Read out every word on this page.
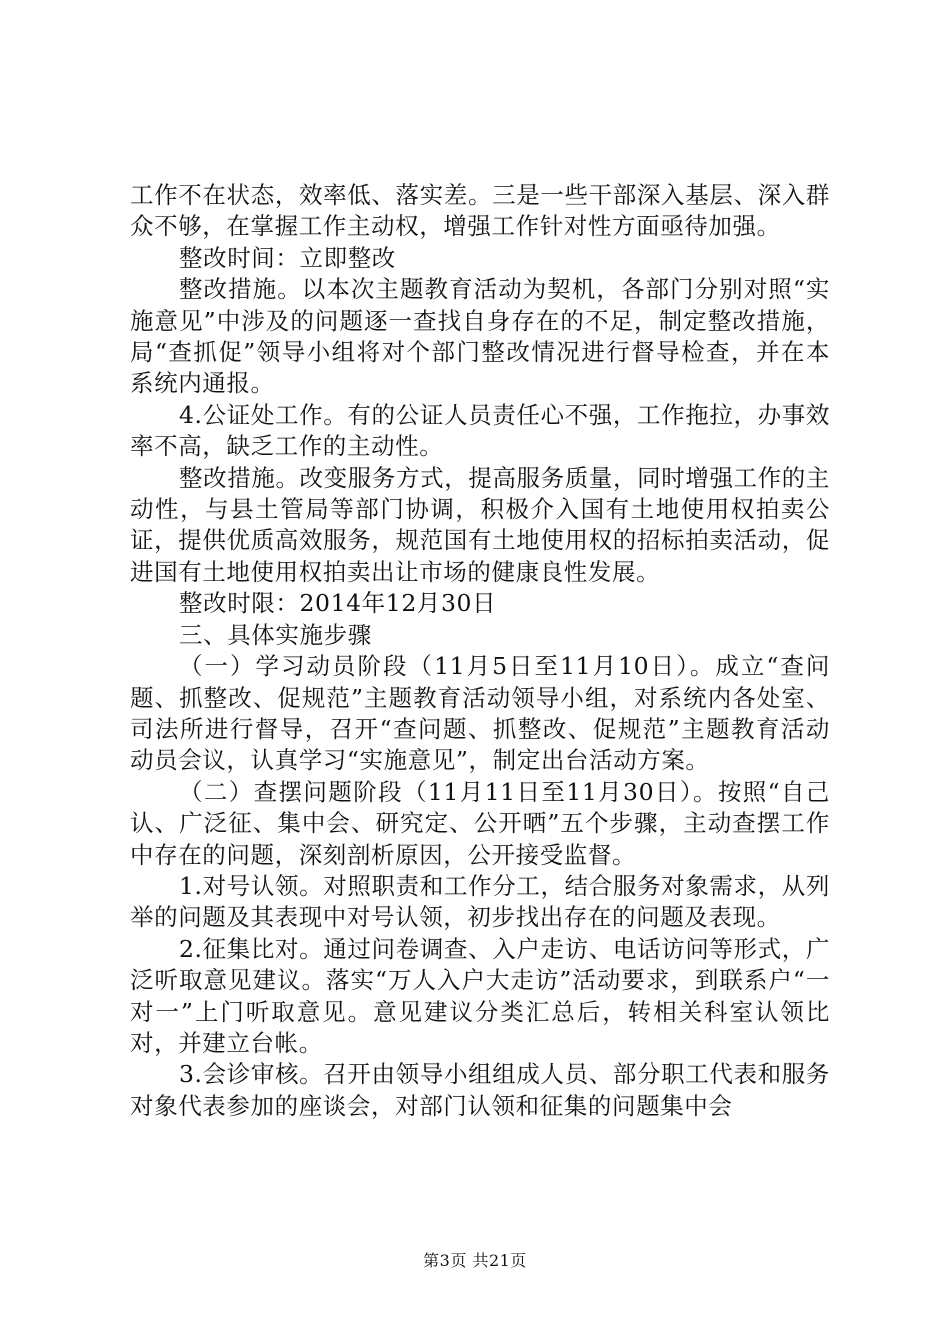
工作不在状态，效率低、落实差。三是一些干部深入基层、深入群众不够，在掌握工作主动权，增强工作针对性方面亟待加强。

整改时间：立即整改

整改措施。以本次主题教育活动为契机，各部门分别对照“实施意见”中涉及的问题逐一查找自身存在的不足，制定整改措施，局“查抓促”领导小组将对个部门整改情况进行督导检查，并在本系统内通报。

4.公证处工作。有的公证人员责任心不强，工作拖拉，办事效率不高，缺乏工作的主动性。

整改措施。改变服务方式，提高服务质量，同时增强工作的主动性，与县土管局等部门协调，积极介入国有土地使用权拍卖公证，提供优质高效服务，规范国有土地使用权的招标拍卖活动，促进国有土地使用权拍卖出让市场的健康良性发展。

整改时限：2014年12月30日

三、具体实施步骤

（一）学习动员阶段（11月5日至11月10日）。成立“查问题、抓整改、促规范”主题教育活动领导小组，对系统内各处室、司法所进行督导，召开“查问题、抓整改、促规范”主题教育活动动员会议，认真学习“实施意见”，制定出台活动方案。

（二）查摆问题阶段（11月11日至11月30日）。按照“自己认、广泛征、集中会、研究定、公开晒”五个步骤，主动查摆工作中存在的问题，深刻剖析原因，公开接受监督。

1.对号认领。对照职责和工作分工，结合服务对象需求，从列举的问题及其表现中对号认领，初步找出存在的问题及表现。

2.征集比对。通过问卷调查、入户走访、电话访问等形式，广泛听取意见建议。落实“万人入户大走访”活动要求，到联系户“一对一”上门听取意见。意见建议分类汇总后，转相关科室认领比对，并建立台帐。

3.会诊审核。召开由领导小组组成人员、部分职工代表和服务对象代表参加的座谈会，对部门认领和征集的问题集中会

第3页 共21页
